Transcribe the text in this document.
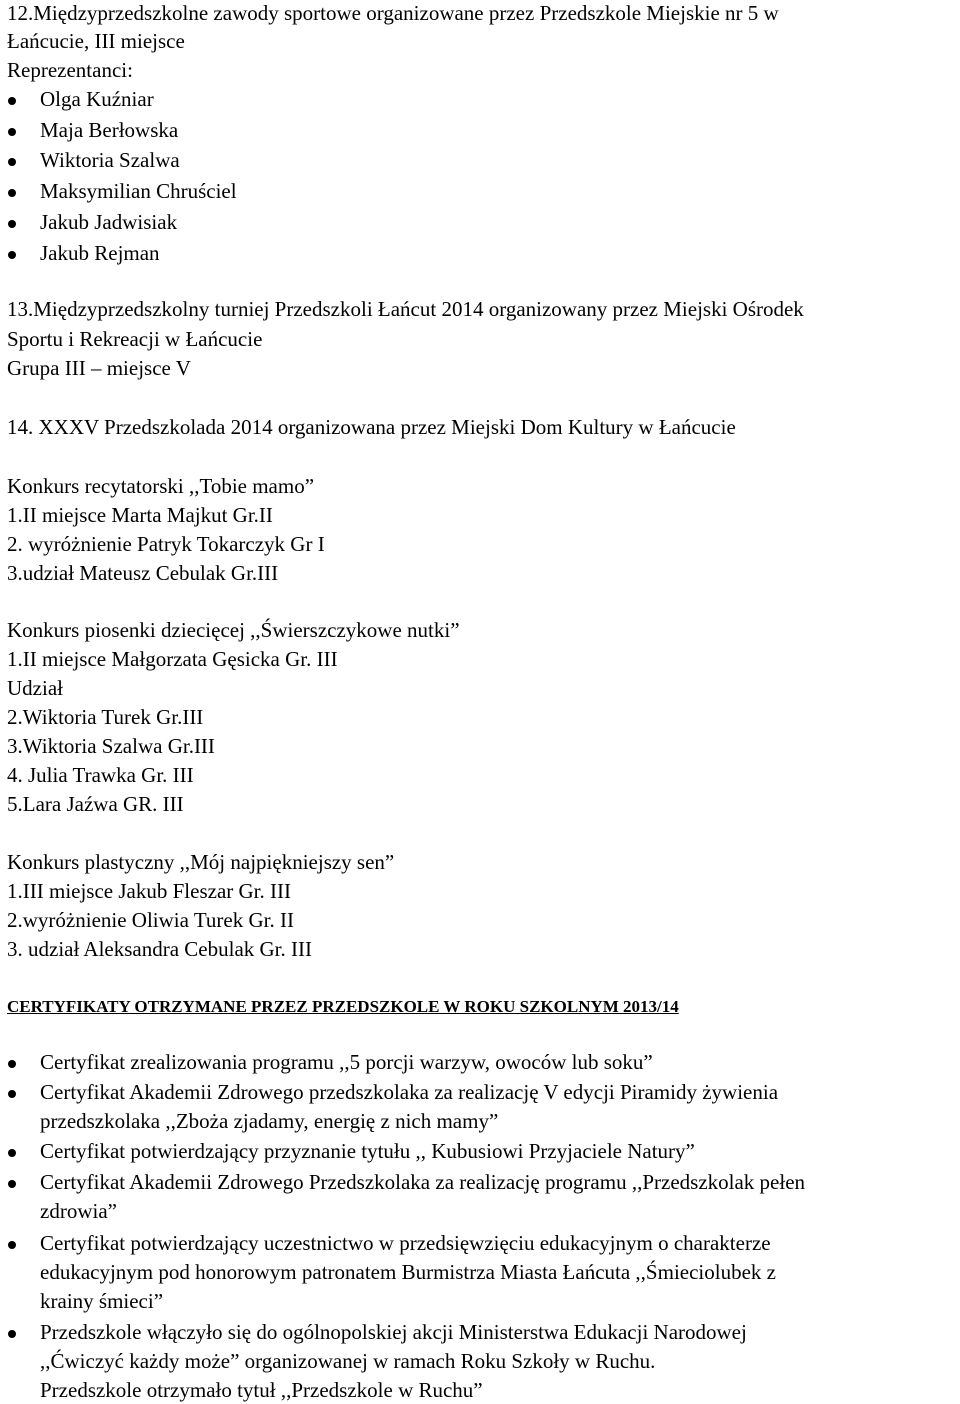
12.Międzyprzedszkolne zawody sportowe organizowane przez Przedszkole Miejskie nr 5 w
Łańcucie, III miejsce
Reprezentanci:
Olga Kuźniar
Maja Berłowska
Wiktoria Szalwa
Maksymilian Chruściel
Jakub Jadwisiak
Jakub Rejman
13.Międzyprzedszkolny turniej Przedszkoli Łańcut 2014 organizowany przez Miejski Ośrodek
Sportu i Rekreacji w Łańcucie
Grupa III – miejsce V
14. XXXV Przedszkolada 2014 organizowana przez Miejski Dom Kultury w Łańcucie
Konkurs recytatorski ,,Tobie mamo”
1.II miejsce Marta Majkut Gr.II
2. wyróżnienie Patryk Tokarczyk Gr I
3.udział Mateusz Cebulak Gr.III
Konkurs piosenki dziecięcej ,,Świerszczykowe nutki”
1.II miejsce Małgorzata Gęsicka Gr. III
Udział
2.Wiktoria Turek Gr.III
3.Wiktoria Szalwa Gr.III
4. Julia Trawka Gr. III
5.Lara Jaźwa GR. III
Konkurs plastyczny ,,Mój najpiękniejszy sen”
1.III miejsce Jakub Fleszar Gr. III
2.wyróżnienie Oliwia Turek Gr. II
3. udział Aleksandra Cebulak Gr. III
CERTYFIKATY OTRZYMANE PRZEZ PRZEDSZKOLE W ROKU SZKOLNYM 2013/14
Certyfikat zrealizowania programu ,,5 porcji warzyw, owoców lub soku”
Certyfikat Akademii Zdrowego przedszkolaka za realizację V edycji Piramidy żywienia
przedszkolaka ,,Zboża zjadamy, energię z nich mamy”
Certyfikat potwierdzający przyznanie tytułu ,, Kubusiowi Przyjaciele Natury”
Certyfikat Akademii Zdrowego Przedszkolaka za realizację programu ,,Przedszkolak pełen
zdrowia”
Certyfikat potwierdzający uczestnictwo w przedsięwzięciu edukacyjnym o charakterze
edukacyjnym pod honorowym patronatem Burmistrza Miasta Łańcuta ,,Śmieciolubek z
krainy śmieci”
Przedszkole włączyło się do ogólnopolskiej akcji Ministerstwa Edukacji Narodowej
,,Ćwiczyć każdy może” organizowanej w ramach Roku Szkoły w Ruchu.
Przedszkole otrzymało tytuł ,,Przedszkole w Ruchu”
